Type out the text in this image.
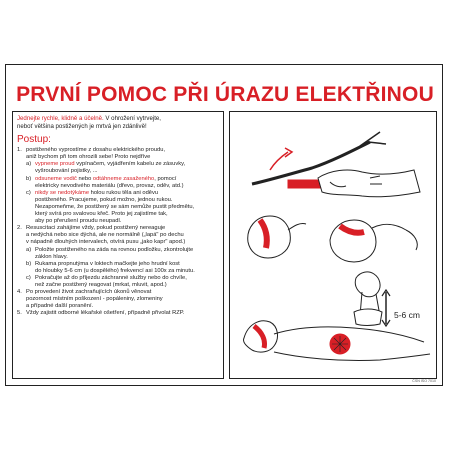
PRVNÍ POMOC PŘI ÚRAZU ELEKTŘINOU

Jednejte rychle, klidně a účelně. V ohrožení vytrvejte,
neboť většina postižených je mrtvá jen zdánlivě!

Postup:
1. postiženého vyprostíme z dosahu elektrického proudu,
aniž bychom při tom ohrozili sebe! Proto nejdříve

a) vypneme proud vypínačem, vyjádřením kabelu ze zásuvky,
vyšroubování pojistky, ...
b) odsuneme vodič nebo odtáhneme zasaženého, pomocí
elektricky nevodivého materiálu (dřevo, provaz, oděv, atd.)
c) nikdy se nedotýkáme holou rukou těla ani oděvu
postiženého. Pracujeme, pokud možno, jednou rukou.
Nezapomeňme, že postižený se sám nemůže pustit předmětu,
který svírá pro svalovou křeč. Proto jej zajistíme tak,
aby po přerušení proudu neupadl.
2. Resuscitaci zahájíme vždy, pokud postižený nereaguje
a nedýchá nebo sice dýchá, ale ne normálně („lapá" po dechu
v nápadně dlouhých intervalech, otvírá pusu „jako kapr" apod.)

a) Položte postiženého na záda na rovnou podložku, zkontrolujte
záklon hlavy.
b) Rukama propnutýma v loktech mačkejte jeho hrudní kost
do hloubky 5-6 cm (u dospělého) frekvencí asi 100x za minutu.
c) Pokračujte až do příjezdu záchranné služby nebo do chvíle,
než začne postižený reagovat (mrkat, mluvit, apod.)
4. Po provedení život zachraňujících úkonů věnovat
pozornost místním poškození - popáleniny, zlomeniny
a případné další poranění.

5. Vždy zajistit odborné lékařské ošetření, případně přivolat RZP.	5-6 cm
ČSN ISO 7010
